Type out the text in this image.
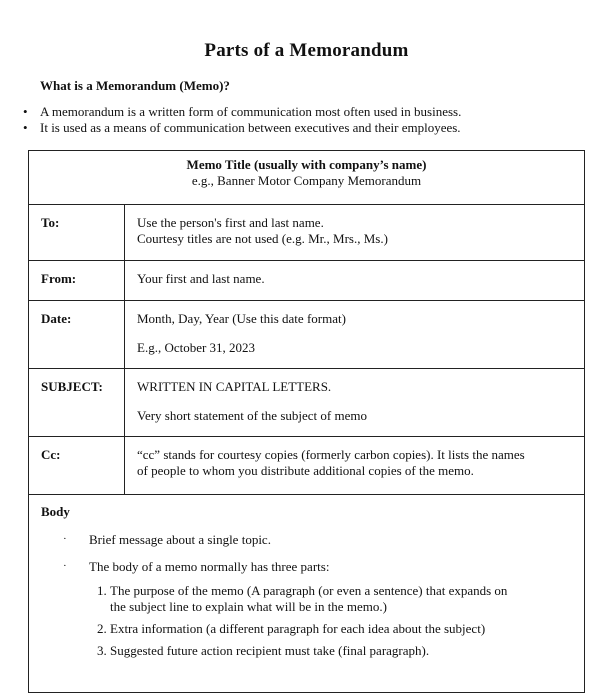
Parts of a Memorandum
What is a Memorandum (Memo)?
• A memorandum is a written form of communication most often used in business.
• It is used as a means of communication between executives and their employees.
Memo Title (usually with company’s name)
e.g., Banner Motor Company Memorandum
To:	Use the person's first and last name.
Courtesy titles are not used (e.g. Mr., Mrs., Ms.)
From:	Your first and last name.
Date:	Month, Day, Year (Use this date format)
E.g., October 31, 2023
SUBJECT:	WRITTEN IN CAPITAL LETTERS.
Very short statement of the subject of memo
Cc:	“cc” stands for courtesy copies (formerly carbon copies). It lists the names
of people to whom you distribute additional copies of the memo.
Body
· Brief message about a single topic.
· The body of a memo normally has three parts:
1. The purpose of the memo (A paragraph (or even a sentence) that expands on
the subject line to explain what will be in the memo.)
2. Extra information (a different paragraph for each idea about the subject)
3. Suggested future action recipient must take (final paragraph).
